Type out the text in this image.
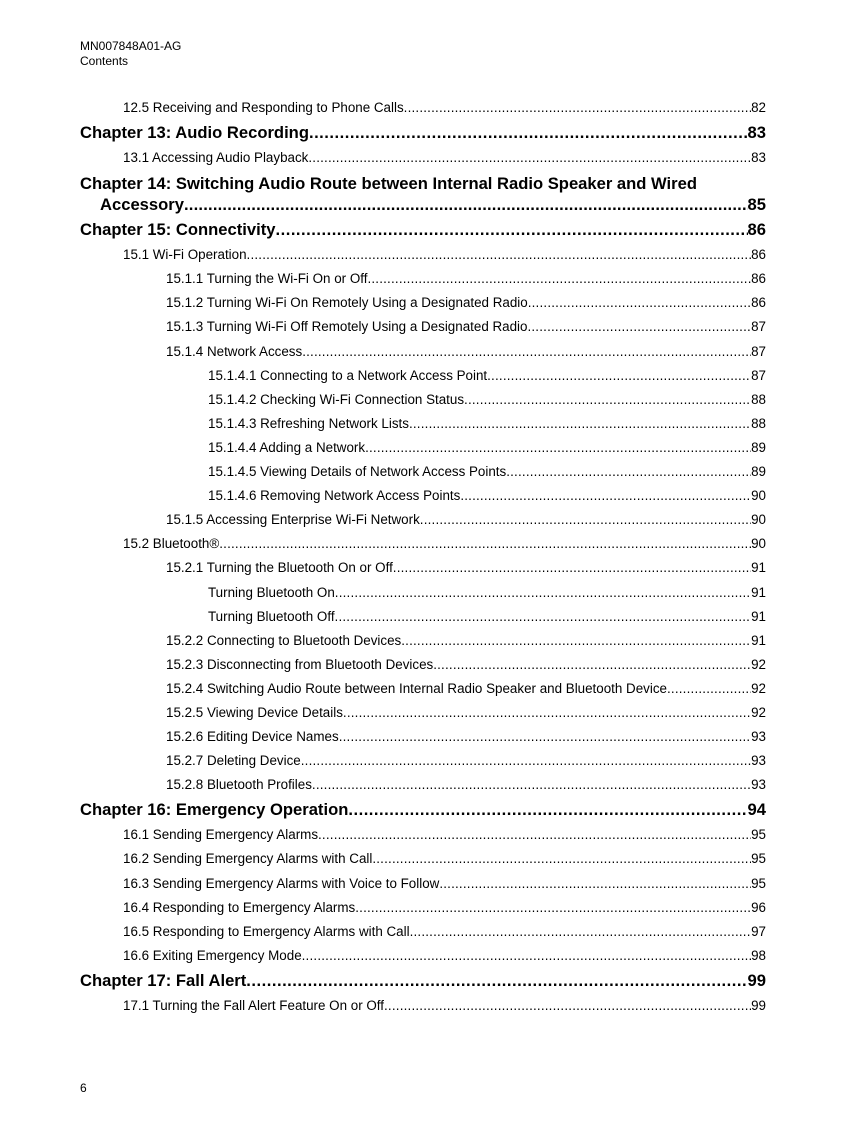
MN007848A01-AG
Contents
12.5 Receiving and Responding to Phone Calls .....	82
Chapter 13: Audio Recording .....	83
13.1 Accessing Audio Playback .....	83
Chapter 14: Switching Audio Route between Internal Radio Speaker and Wired
Accessory .....	85
Chapter 15: Connectivity .....	86
15.1 Wi-Fi Operation .....	86
15.1.1 Turning the Wi-Fi On or Off .....	86
15.1.2 Turning Wi-Fi On Remotely Using a Designated Radio .....	86
15.1.3 Turning Wi-Fi Off Remotely Using a Designated Radio .....	87
15.1.4 Network Access .....	87
15.1.4.1 Connecting to a Network Access Point .....	87
15.1.4.2 Checking Wi-Fi Connection Status .....	88
15.1.4.3 Refreshing Network Lists .....	88
15.1.4.4 Adding a Network .....	89
15.1.4.5 Viewing Details of Network Access Points .....	89
15.1.4.6 Removing Network Access Points .....	90
15.1.5 Accessing Enterprise Wi-Fi Network .....	90
15.2 Bluetooth® .....	90
15.2.1 Turning the Bluetooth On or Off .....	91
Turning Bluetooth On .....	91
Turning Bluetooth Off .....	91
15.2.2 Connecting to Bluetooth Devices .....	91
15.2.3 Disconnecting from Bluetooth Devices .....	92
15.2.4 Switching Audio Route between Internal Radio Speaker and Bluetooth Device .....	92
15.2.5 Viewing Device Details .....	92
15.2.6 Editing Device Names .....	93
15.2.7 Deleting Device .....	93
15.2.8 Bluetooth Profiles .....	93
Chapter 16: Emergency Operation .....	94
16.1 Sending Emergency Alarms .....	95
16.2 Sending Emergency Alarms with Call .....	95
16.3 Sending Emergency Alarms with Voice to Follow .....	95
16.4 Responding to Emergency Alarms .....	96
16.5 Responding to Emergency Alarms with Call .....	97
16.6 Exiting Emergency Mode .....	98
Chapter 17: Fall Alert .....	99
17.1 Turning the Fall Alert Feature On or Off .....	99
6
